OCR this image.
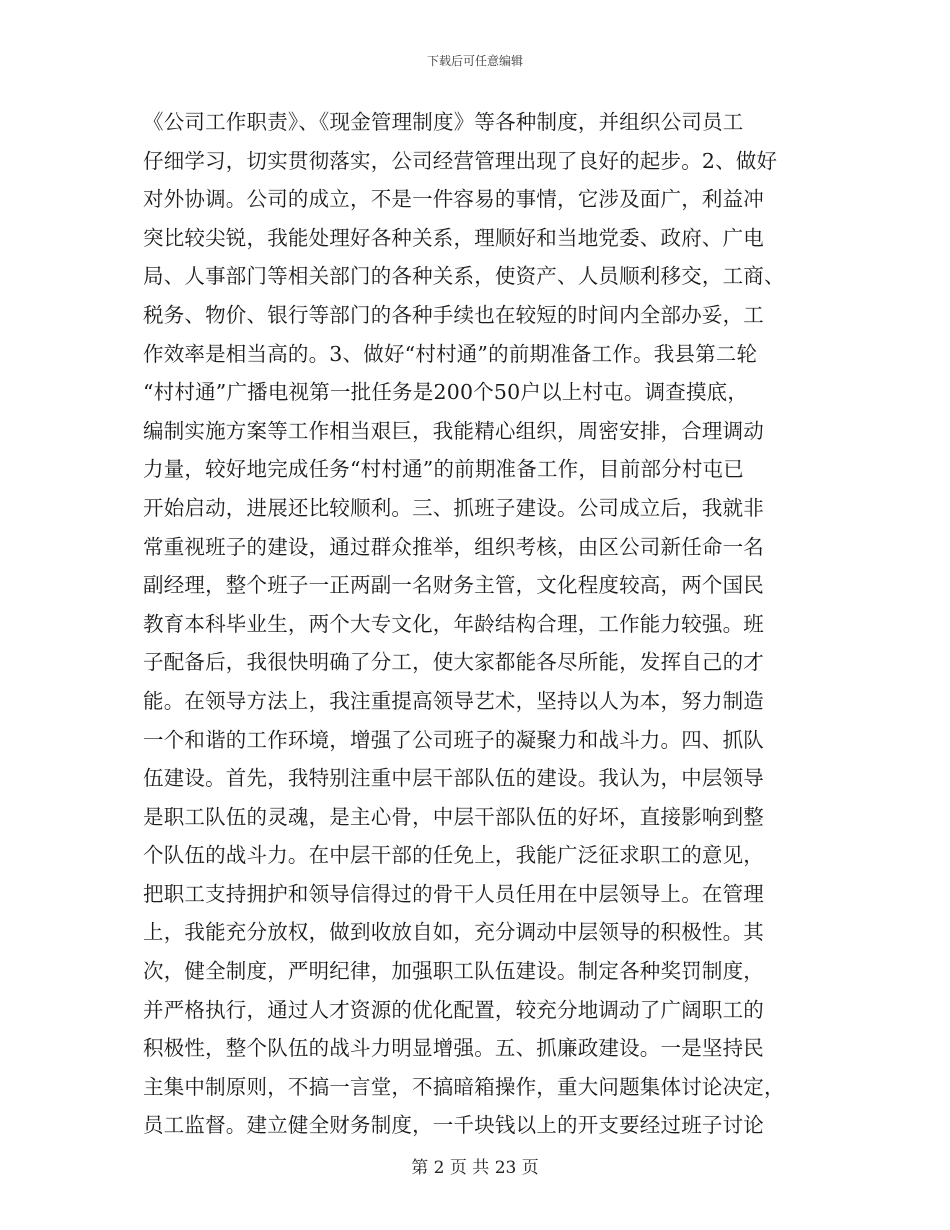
下载后可任意编辑
《公司工作职责》、《现金管理制度》等各种制度，并组织公司员工
仔细学习，切实贯彻落实，公司经营管理出现了良好的起步。2、做好
对外协调。公司的成立，不是一件容易的事情，它涉及面广，利益冲
突比较尖锐，我能处理好各种关系，理顺好和当地党委、政府、广电
局、人事部门等相关部门的各种关系，使资产、人员顺利移交，工商、
税务、物价、银行等部门的各种手续也在较短的时间内全部办妥，工
作效率是相当高的。3、做好“村村通”的前期准备工作。我县第二轮
“村村通”广播电视第一批任务是200个50户以上村屯。调查摸底，
编制实施方案等工作相当艰巨，我能精心组织，周密安排，合理调动
力量，较好地完成任务“村村通”的前期准备工作，目前部分村屯已
开始启动，进展还比较顺利。三、抓班子建设。公司成立后，我就非
常重视班子的建设，通过群众推举，组织考核，由区公司新任命一名
副经理，整个班子一正两副一名财务主管，文化程度较高，两个国民
教育本科毕业生，两个大专文化，年龄结构合理，工作能力较强。班
子配备后，我很快明确了分工，使大家都能各尽所能，发挥自己的才
能。在领导方法上，我注重提高领导艺术，坚持以人为本，努力制造
一个和谐的工作环境，增强了公司班子的凝聚力和战斗力。四、抓队
伍建设。首先，我特别注重中层干部队伍的建设。我认为，中层领导
是职工队伍的灵魂，是主心骨，中层干部队伍的好坏，直接影响到整
个队伍的战斗力。在中层干部的任免上，我能广泛征求职工的意见，
把职工支持拥护和领导信得过的骨干人员任用在中层领导上。在管理
上，我能充分放权，做到收放自如，充分调动中层领导的积极性。其
次，健全制度，严明纪律，加强职工队伍建设。制定各种奖罚制度，
并严格执行，通过人才资源的优化配置，较充分地调动了广阔职工的
积极性，整个队伍的战斗力明显增强。五、抓廉政建设。一是坚持民
主集中制原则，不搞一言堂，不搞暗箱操作，重大问题集体讨论决定，
员工监督。建立健全财务制度，一千块钱以上的开支要经过班子讨论
第 2 页 共 23 页
